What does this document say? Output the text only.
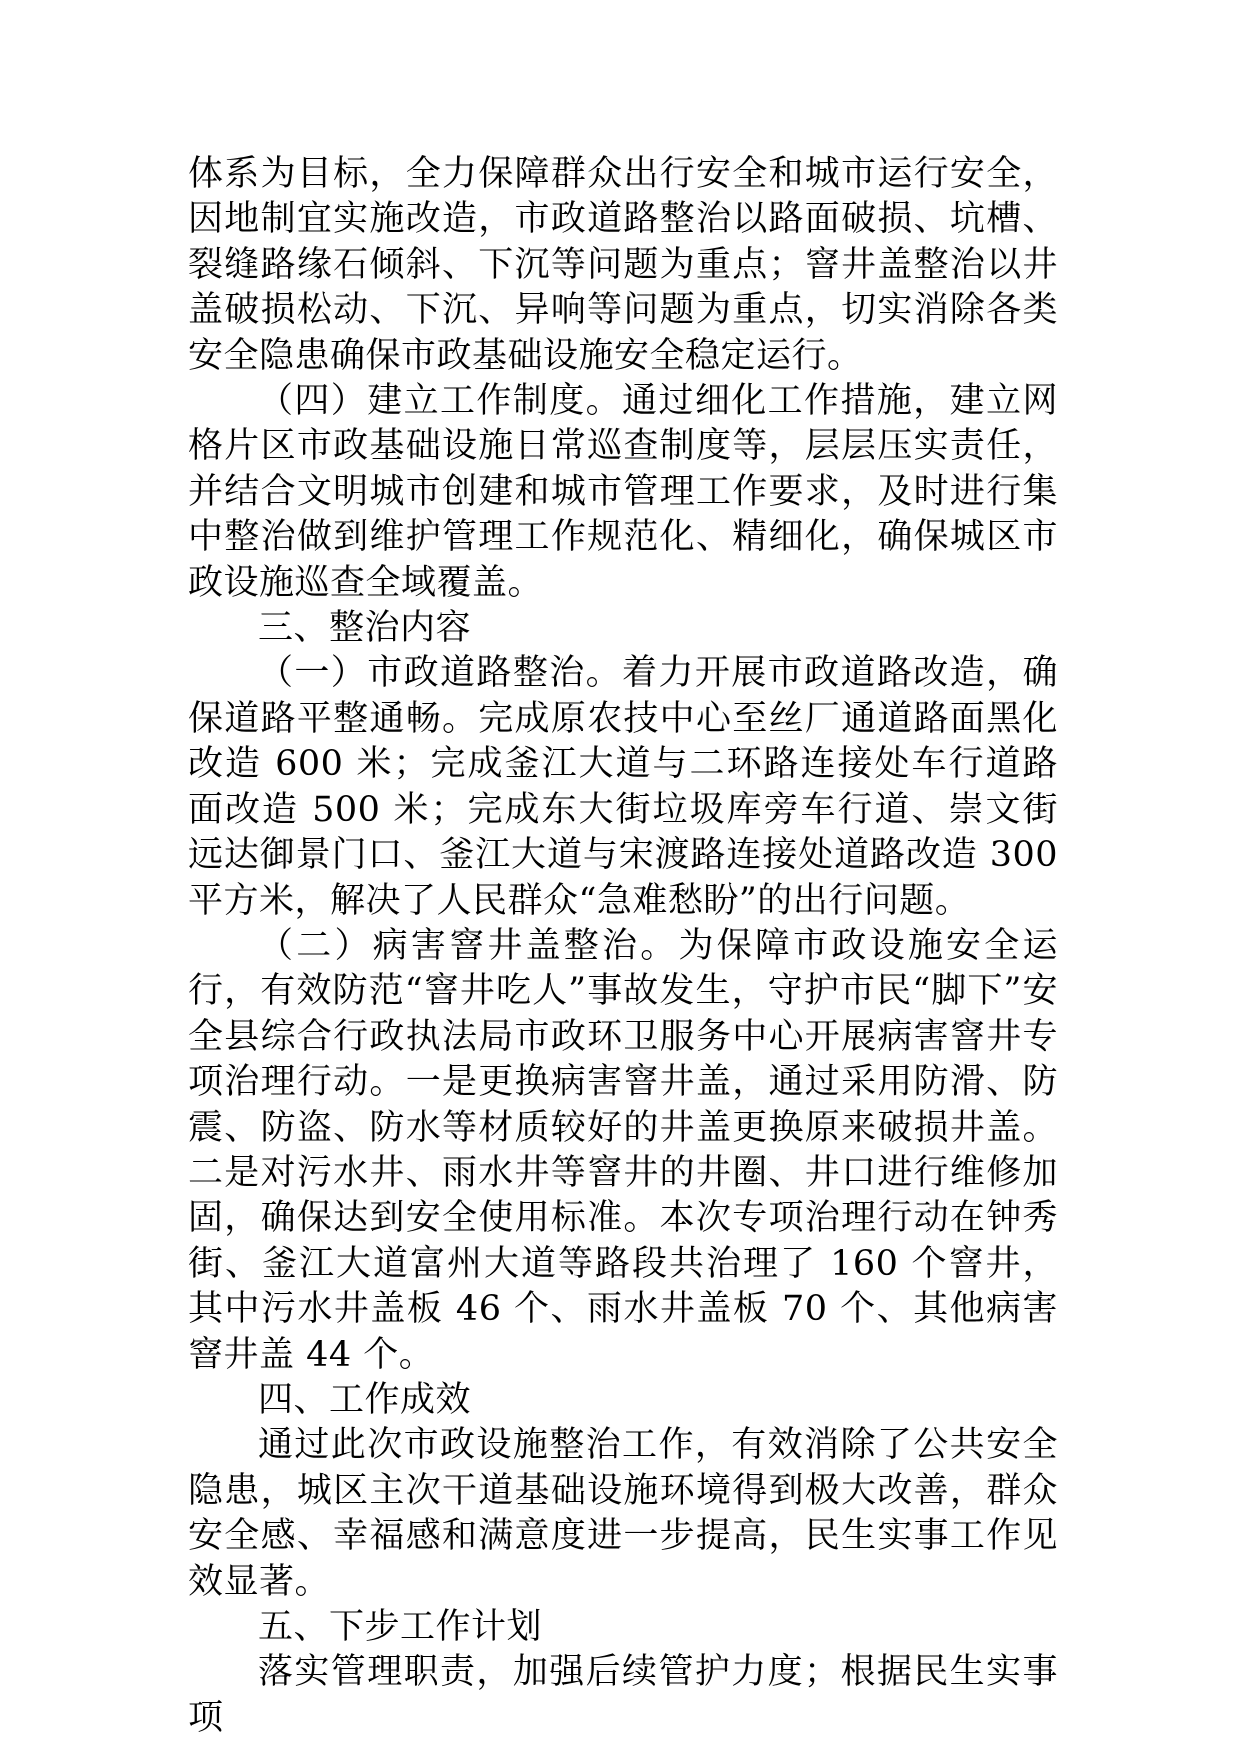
体系为目标，全力保障群众出行安全和城市运行安全，因地制宜实施改造，市政道路整治以路面破损、坑槽、裂缝路缘石倾斜、下沉等问题为重点；窨井盖整治以井盖破损松动、下沉、异响等问题为重点，切实消除各类安全隐患确保市政基础设施安全稳定运行。

（四）建立工作制度。通过细化工作措施，建立网格片区市政基础设施日常巡查制度等，层层压实责任，并结合文明城市创建和城市管理工作要求，及时进行集中整治做到维护管理工作规范化、精细化，确保城区市政设施巡查全域覆盖。

三、整治内容

（一）市政道路整治。着力开展市政道路改造，确保道路平整通畅。完成原农技中心至丝厂通道路面黑化改造 600 米；完成釜江大道与二环路连接处车行道路面改造 500 米；完成东大街垃圾库旁车行道、崇文街远达御景门口、釜江大道与宋渡路连接处道路改造 300 平方米，解决了人民群众“急难愁盼”的出行问题。

（二）病害窨井盖整治。为保障市政设施安全运行，有效防范“窨井吃人”事故发生，守护市民“脚下”安全县综合行政执法局市政环卫服务中心开展病害窨井专项治理行动。一是更换病害窨井盖，通过采用防滑、防震、防盗、防水等材质较好的井盖更换原来破损井盖。二是对污水井、雨水井等窨井的井圈、井口进行维修加固，确保达到安全使用标准。本次专项治理行动在钟秀街、釜江大道富州大道等路段共治理了 160 个窨井，其中污水井盖板 46 个、雨水井盖板 70 个、其他病害窨井盖 44 个。

四、工作成效

通过此次市政设施整治工作，有效消除了公共安全隐患，城区主次干道基础设施环境得到极大改善，群众安全感、幸福感和满意度进一步提高，民生实事工作见效显著。

五、下步工作计划

落实管理职责，加强后续管护力度；根据民生实事项
